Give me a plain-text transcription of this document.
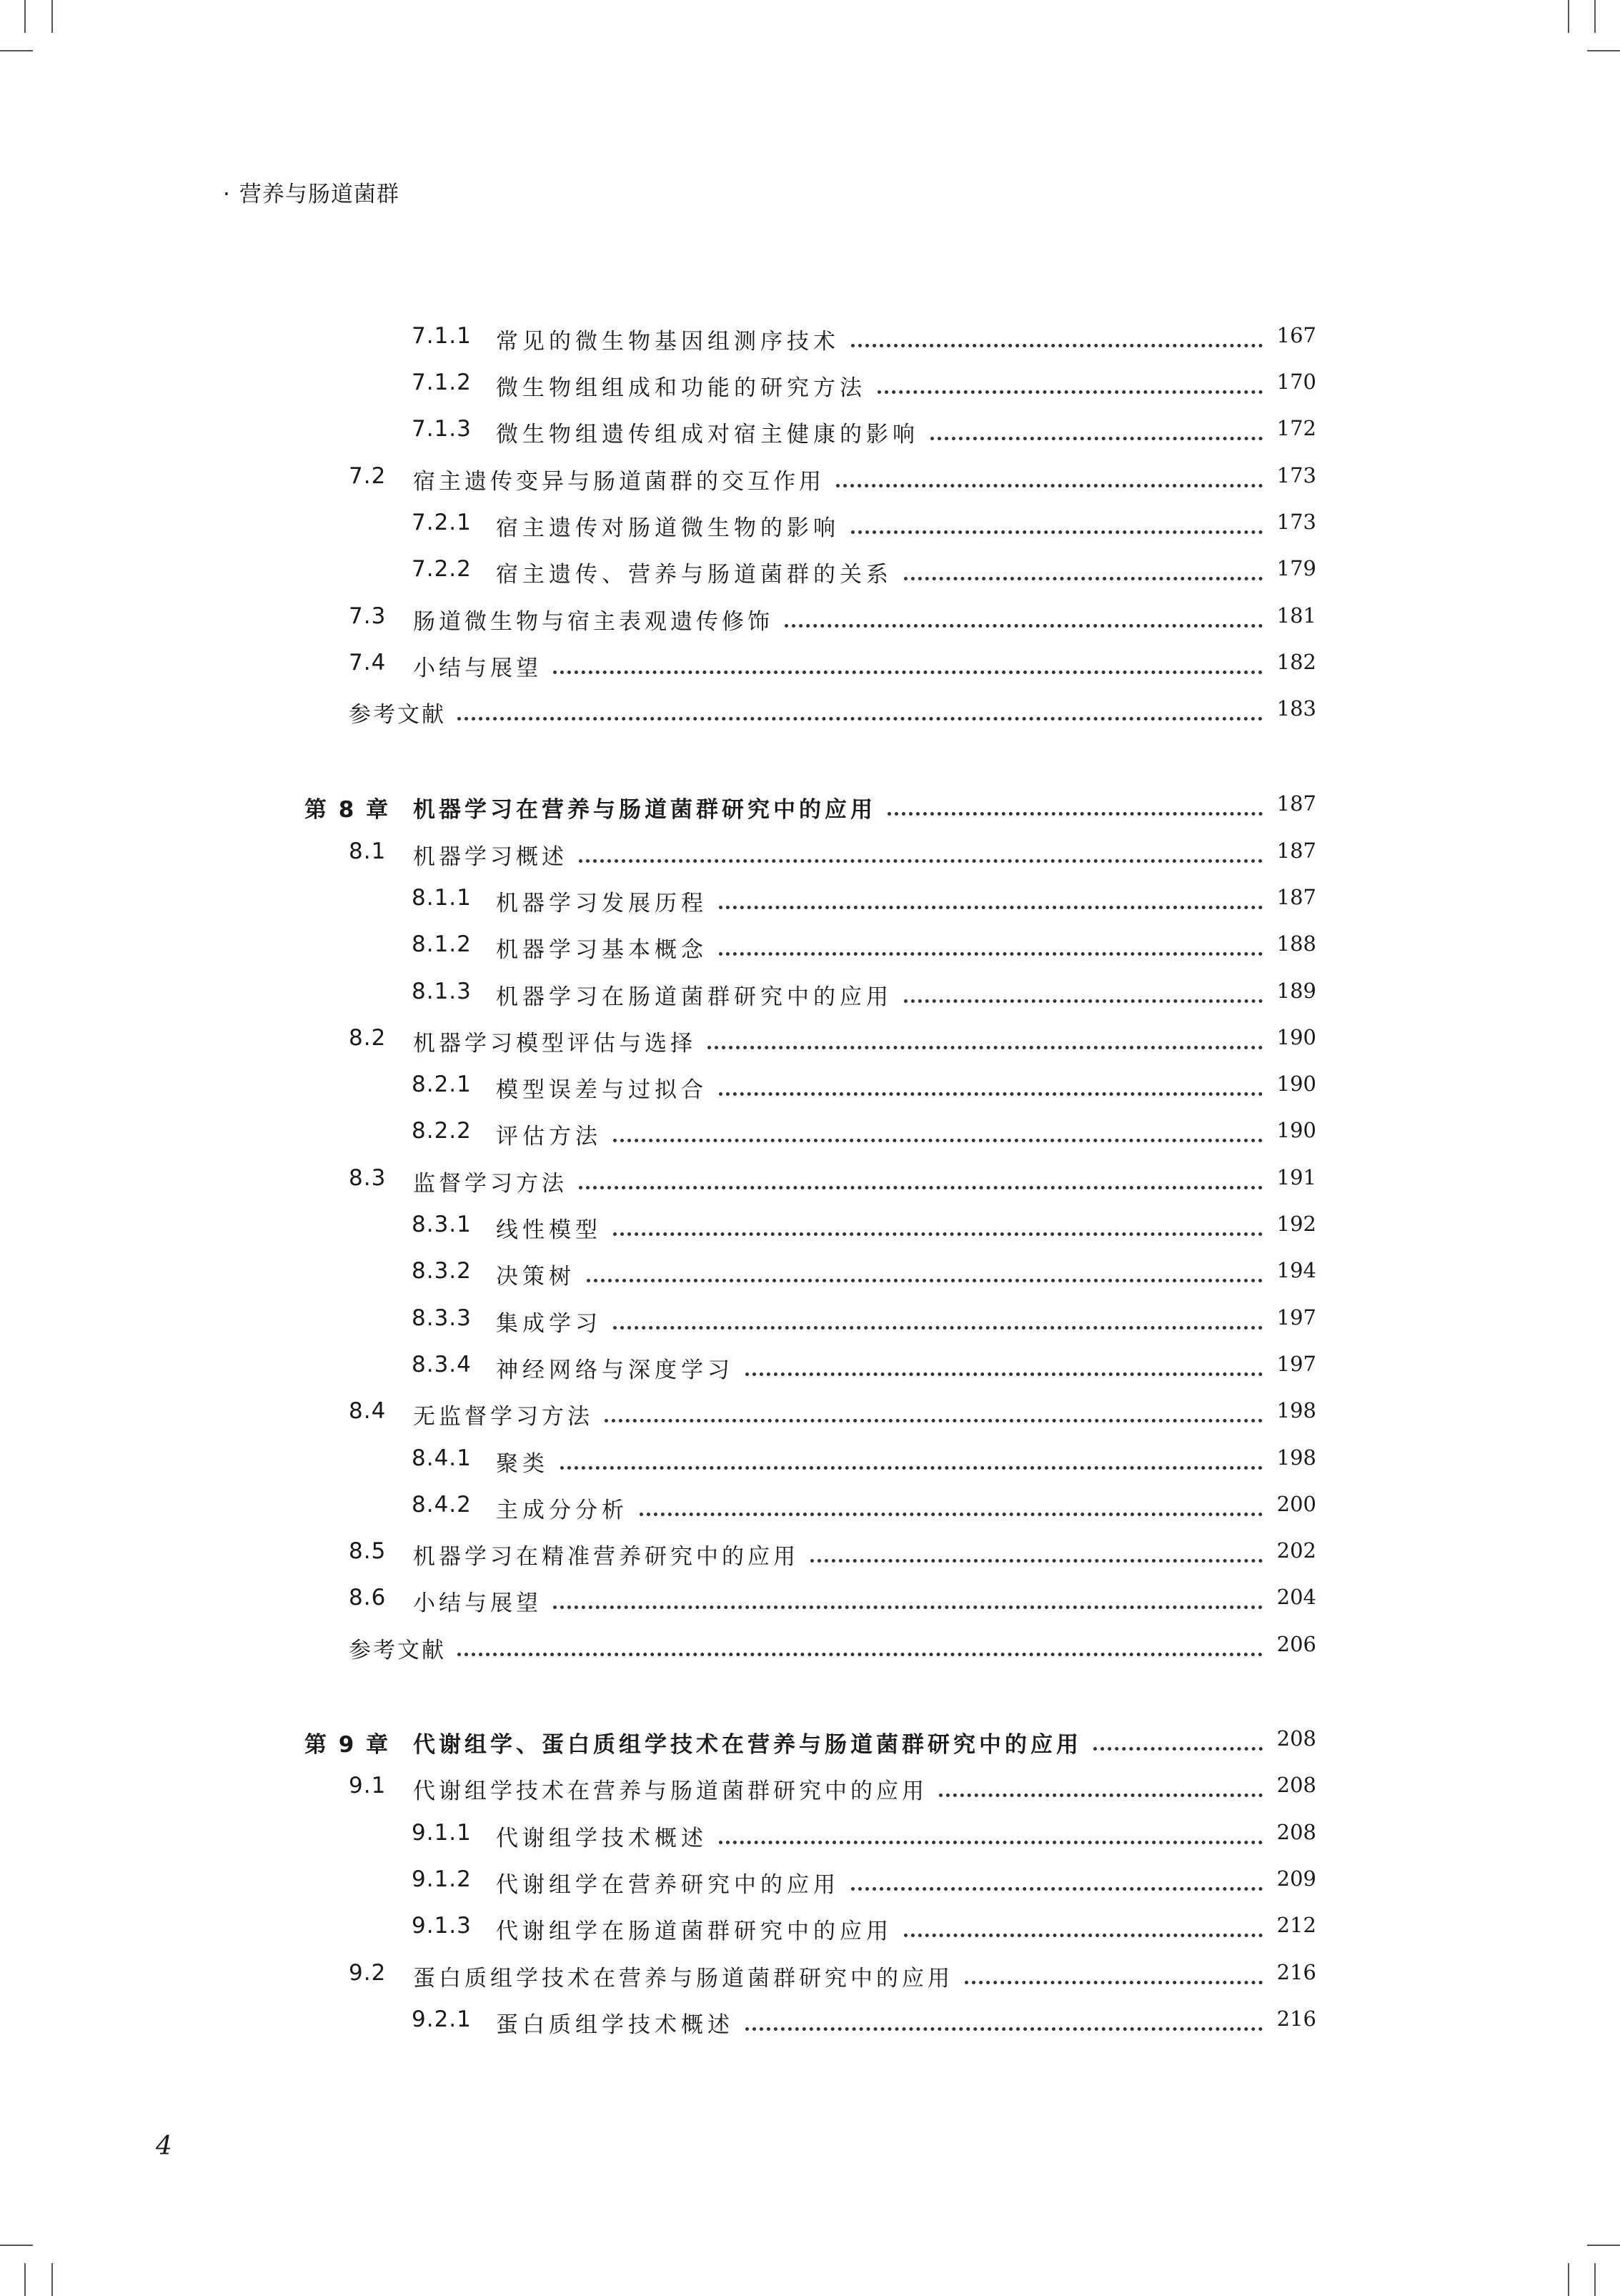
· 营养与肠道菌群
7.1.1 常见的微生物基因组测序技术	167
7.1.2 微生物组组成和功能的研究方法	170
7.1.3 微生物组遗传组成对宿主健康的影响	172
7.2 宿主遗传变异与肠道菌群的交互作用	173
7.2.1 宿主遗传对肠道微生物的影响	173
7.2.2 宿主遗传、营养与肠道菌群的关系	179
7.3 肠道微生物与宿主表观遗传修饰	181
7.4 小结与展望	182
参考文献	183
第 8 章 机器学习在营养与肠道菌群研究中的应用	187
8.1 机器学习概述	187
8.1.1 机器学习发展历程	187
8.1.2 机器学习基本概念	188
8.1.3 机器学习在肠道菌群研究中的应用	189
8.2 机器学习模型评估与选择	190
8.2.1 模型误差与过拟合	190
8.2.2 评估方法	190
8.3 监督学习方法	191
8.3.1 线性模型	192
8.3.2 决策树	194
8.3.3 集成学习	197
8.3.4 神经网络与深度学习	197
8.4 无监督学习方法	198
8.4.1 聚类	198
8.4.2 主成分分析	200
8.5 机器学习在精准营养研究中的应用	202
8.6 小结与展望	204
参考文献	206
第 9 章 代谢组学、蛋白质组学技术在营养与肠道菌群研究中的应用	208
9.1 代谢组学技术在营养与肠道菌群研究中的应用	208
9.1.1 代谢组学技术概述	208
9.1.2 代谢组学在营养研究中的应用	209
9.1.3 代谢组学在肠道菌群研究中的应用	212
9.2 蛋白质组学技术在营养与肠道菌群研究中的应用	216
9.2.1 蛋白质组学技术概述	216
4
